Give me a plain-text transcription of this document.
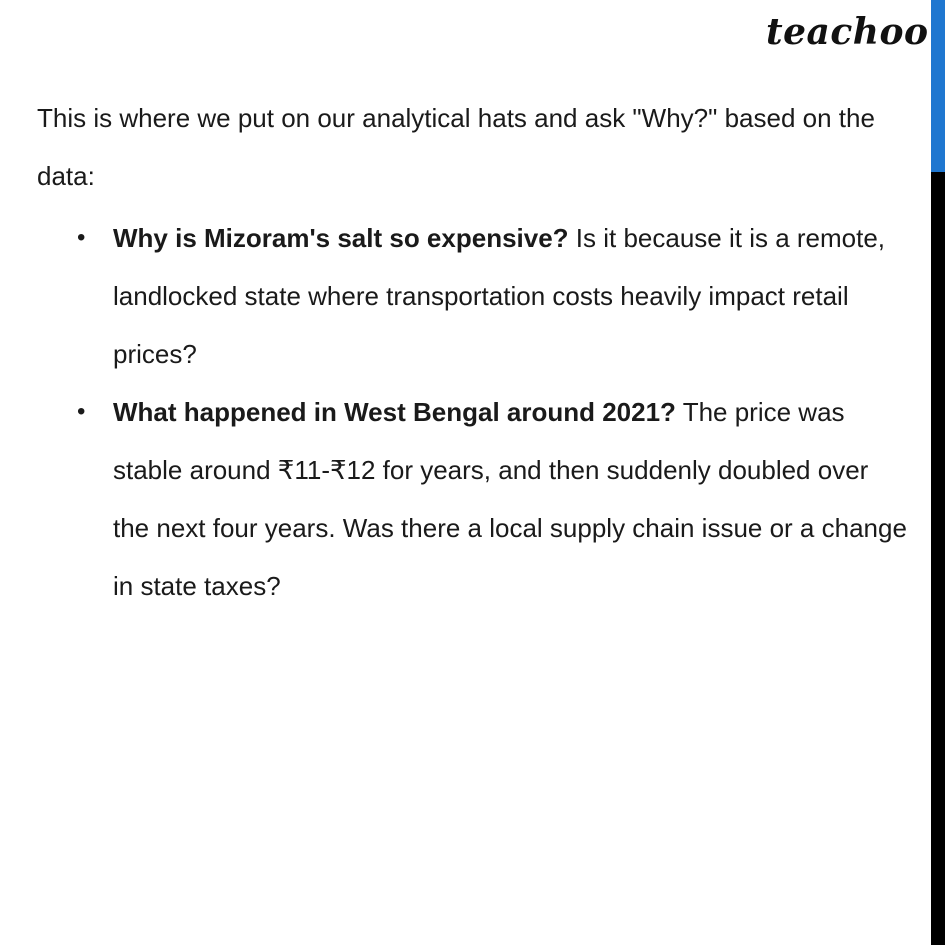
teachoo

This is where we put on our analytical hats and ask "Why?" based on the data:

• Why is Mizoram's salt so expensive? Is it because it is a remote, landlocked state where transportation costs heavily impact retail prices?
• What happened in West Bengal around 2021? The price was stable around ₹11-₹12 for years, and then suddenly doubled over the next four years. Was there a local supply chain issue or a change in state taxes?
